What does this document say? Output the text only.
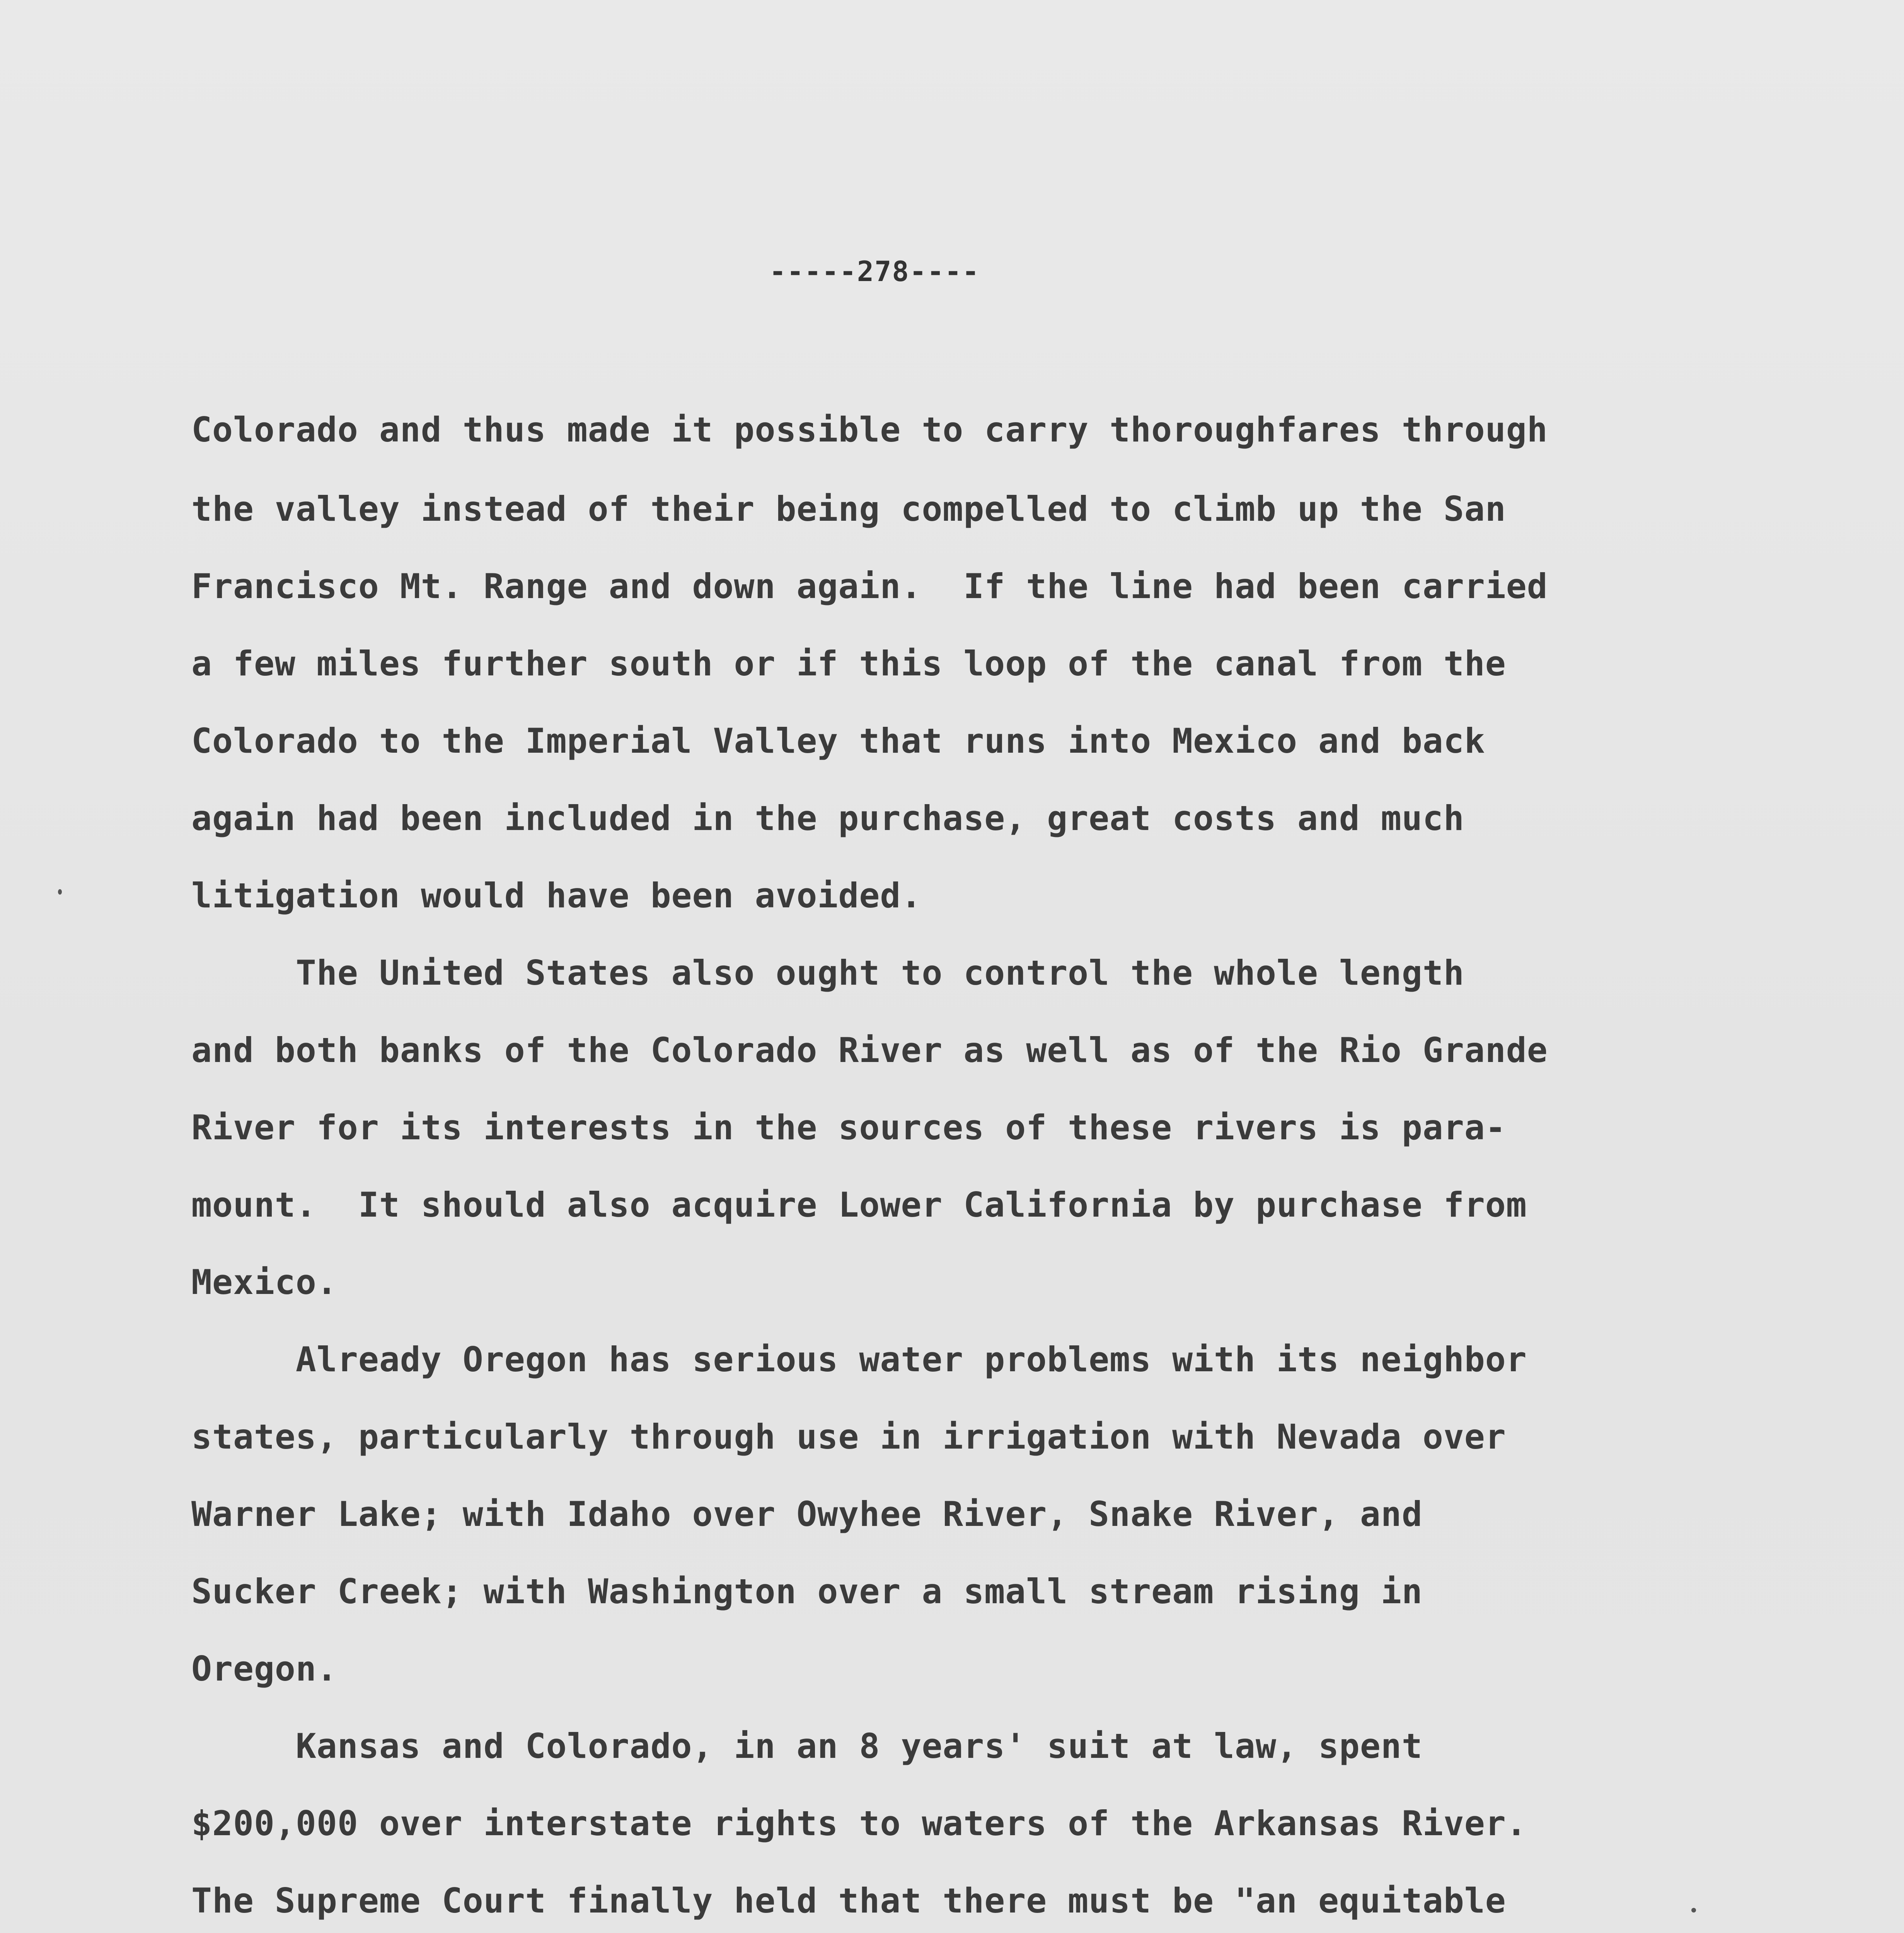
-----278----
Colorado and thus made it possible to carry thoroughfares through
the valley instead of their being compelled to climb up the San
Francisco Mt. Range and down again.  If the line had been carried
a few miles further south or if this loop of the canal from the
Colorado to the Imperial Valley that runs into Mexico and back
again had been included in the purchase, great costs and much
litigation would have been avoided.
The United States also ought to control the whole length
and both banks of the Colorado River as well as of the Rio Grande
River for its interests in the sources of these rivers is para-
mount.  It should also acquire Lower California by purchase from
Mexico.
Already Oregon has serious water problems with its neighbor
states, particularly through use in irrigation with Nevada over
Warner Lake; with Idaho over Owyhee River, Snake River, and
Sucker Creek; with Washington over a small stream rising in
Oregon.
Kansas and Colorado, in an 8 years' suit at law, spent
$200,000 over interstate rights to waters of the Arkansas River.
The Supreme Court finally held that there must be "an equitable
